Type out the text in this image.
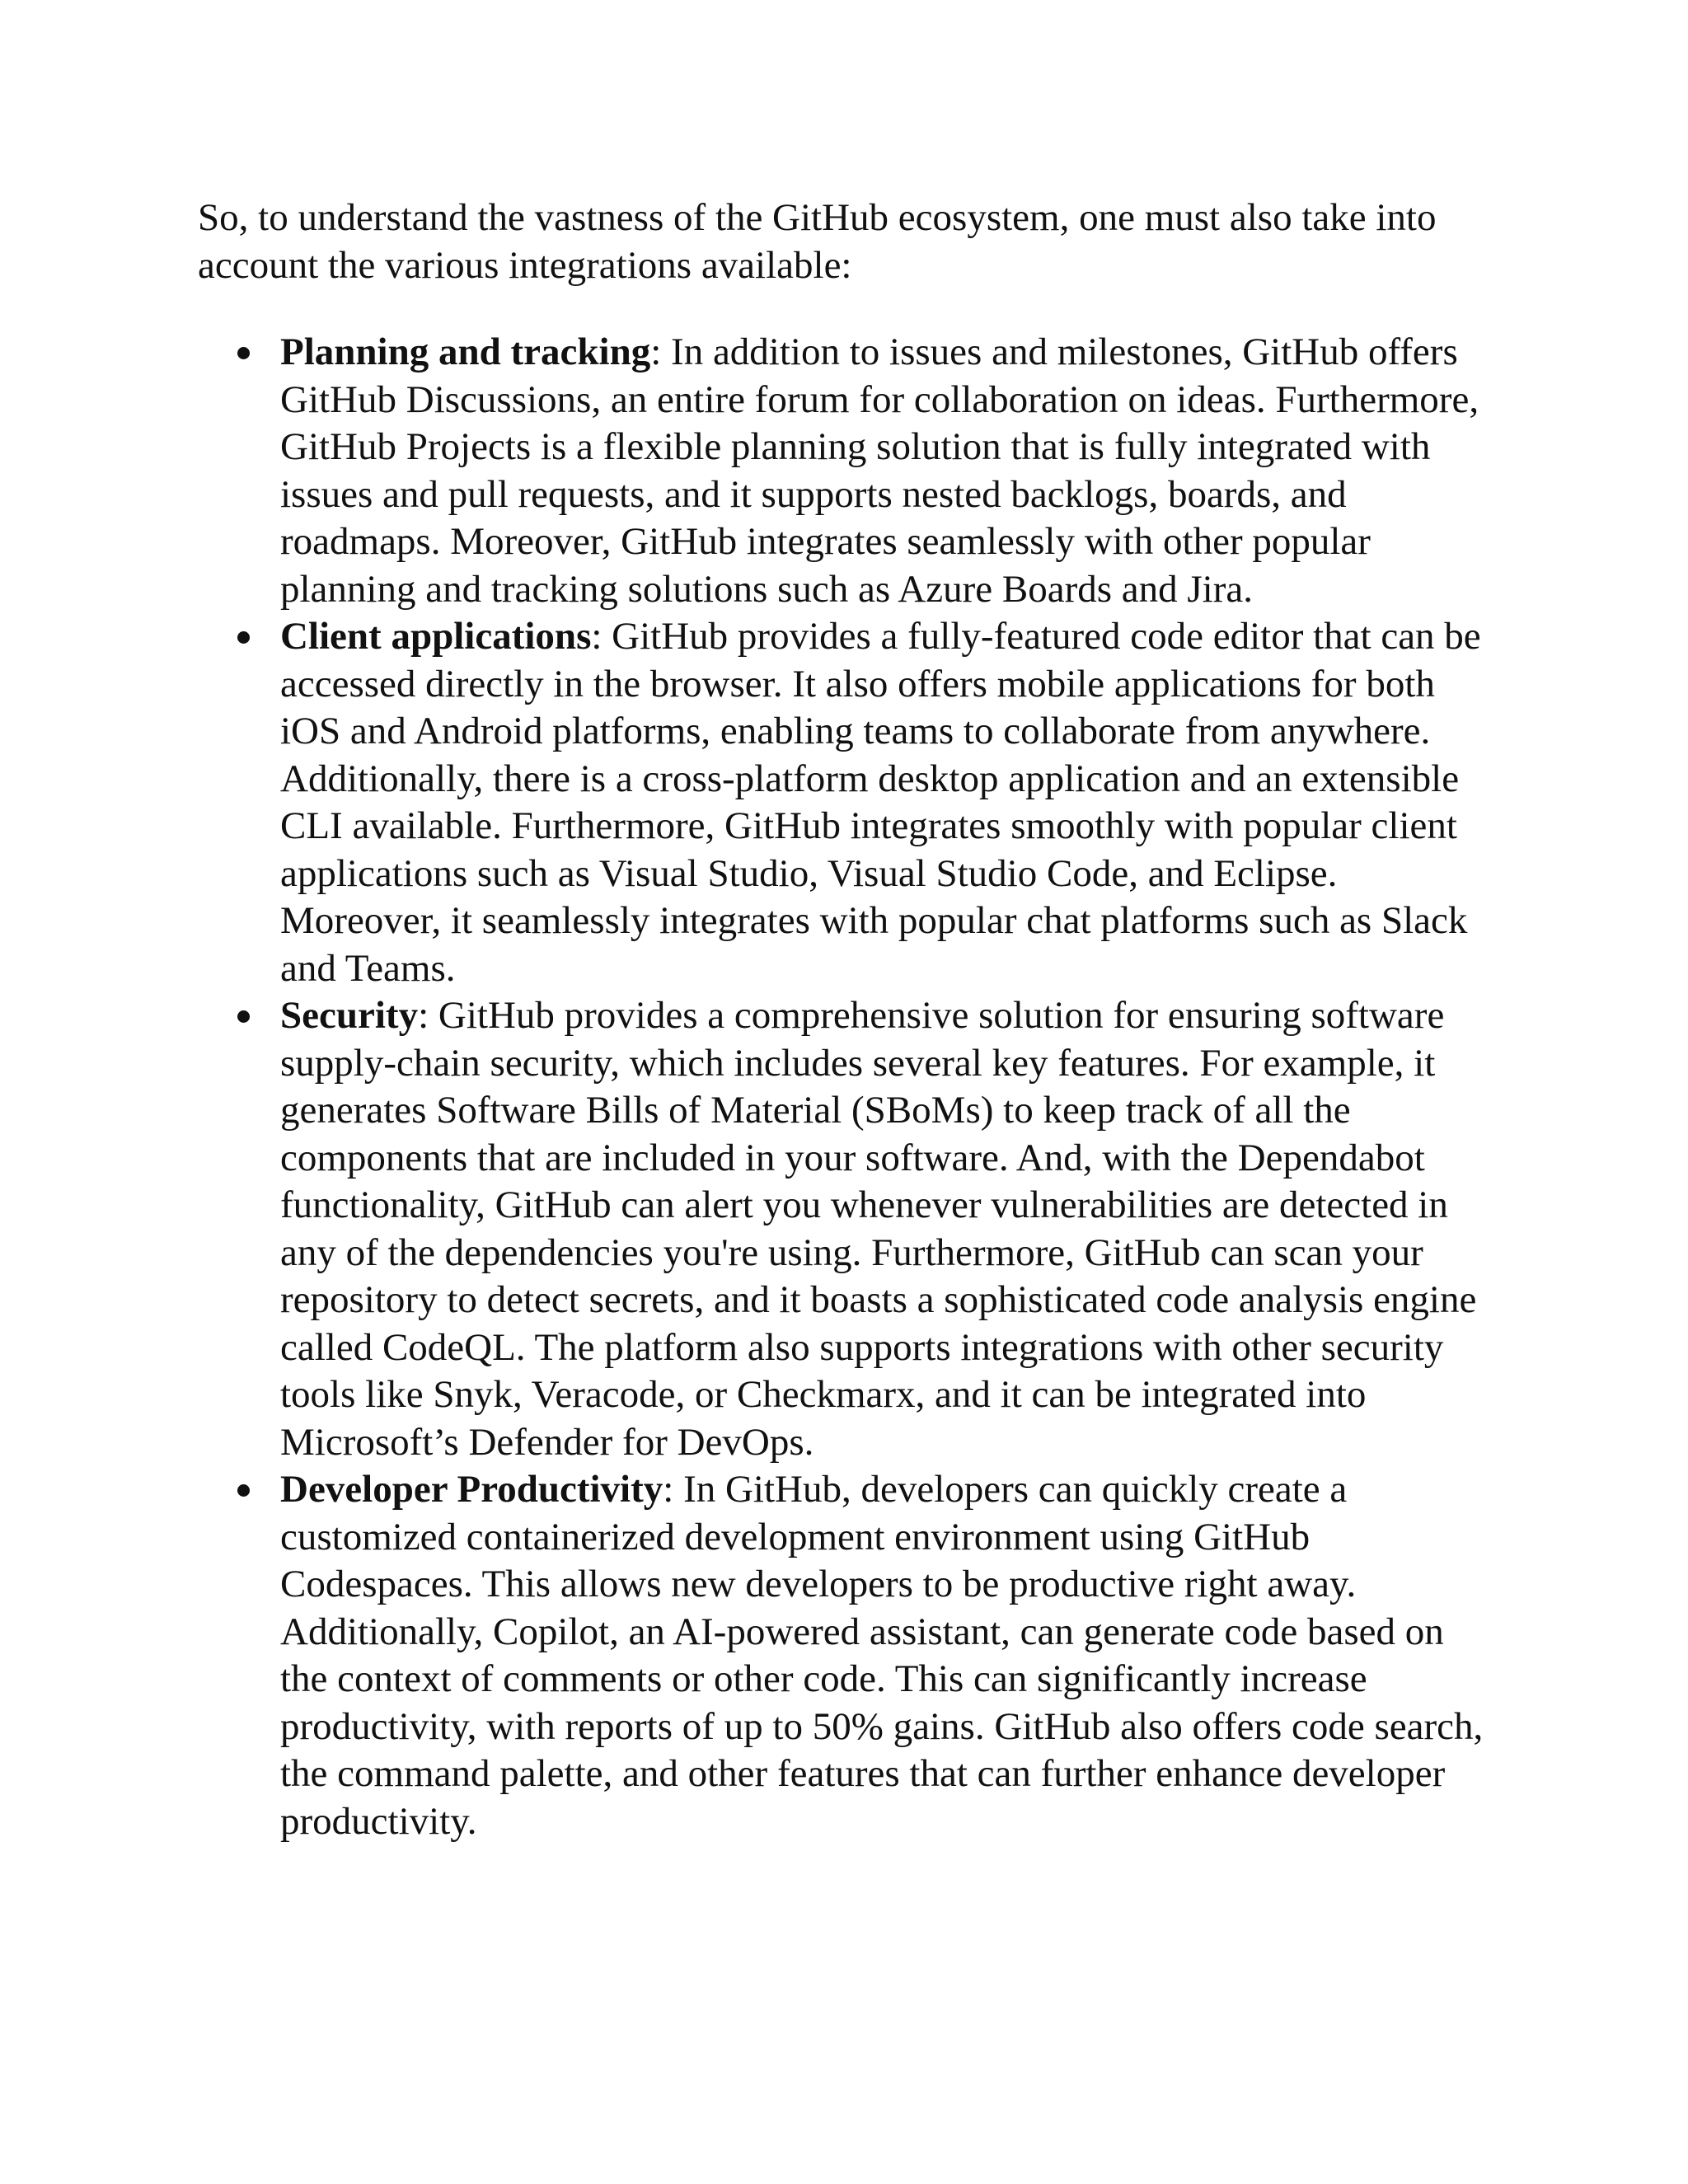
So, to understand the vastness of the GitHub ecosystem, one must also take into account the various integrations available:

Planning and tracking: In addition to issues and milestones, GitHub offers GitHub Discussions, an entire forum for collaboration on ideas. Furthermore, GitHub Projects is a flexible planning solution that is fully integrated with issues and pull requests, and it supports nested backlogs, boards, and roadmaps. Moreover, GitHub integrates seamlessly with other popular planning and tracking solutions such as Azure Boards and Jira.
Client applications: GitHub provides a fully-featured code editor that can be accessed directly in the browser. It also offers mobile applications for both iOS and Android platforms, enabling teams to collaborate from anywhere. Additionally, there is a cross-platform desktop application and an extensible CLI available. Furthermore, GitHub integrates smoothly with popular client applications such as Visual Studio, Visual Studio Code, and Eclipse. Moreover, it seamlessly integrates with popular chat platforms such as Slack and Teams.
Security: GitHub provides a comprehensive solution for ensuring software supply-chain security, which includes several key features. For example, it generates Software Bills of Material (SBoMs) to keep track of all the components that are included in your software. And, with the Dependabot functionality, GitHub can alert you whenever vulnerabilities are detected in any of the dependencies you're using. Furthermore, GitHub can scan your repository to detect secrets, and it boasts a sophisticated code analysis engine called CodeQL. The platform also supports integrations with other security tools like Snyk, Veracode, or Checkmarx, and it can be integrated into Microsoft’s Defender for DevOps.
Developer Productivity: In GitHub, developers can quickly create a customized containerized development environment using GitHub Codespaces. This allows new developers to be productive right away. Additionally, Copilot, an AI-powered assistant, can generate code based on the context of comments or other code. This can significantly increase productivity, with reports of up to 50% gains. GitHub also offers code search, the command palette, and other features that can further enhance developer productivity.
